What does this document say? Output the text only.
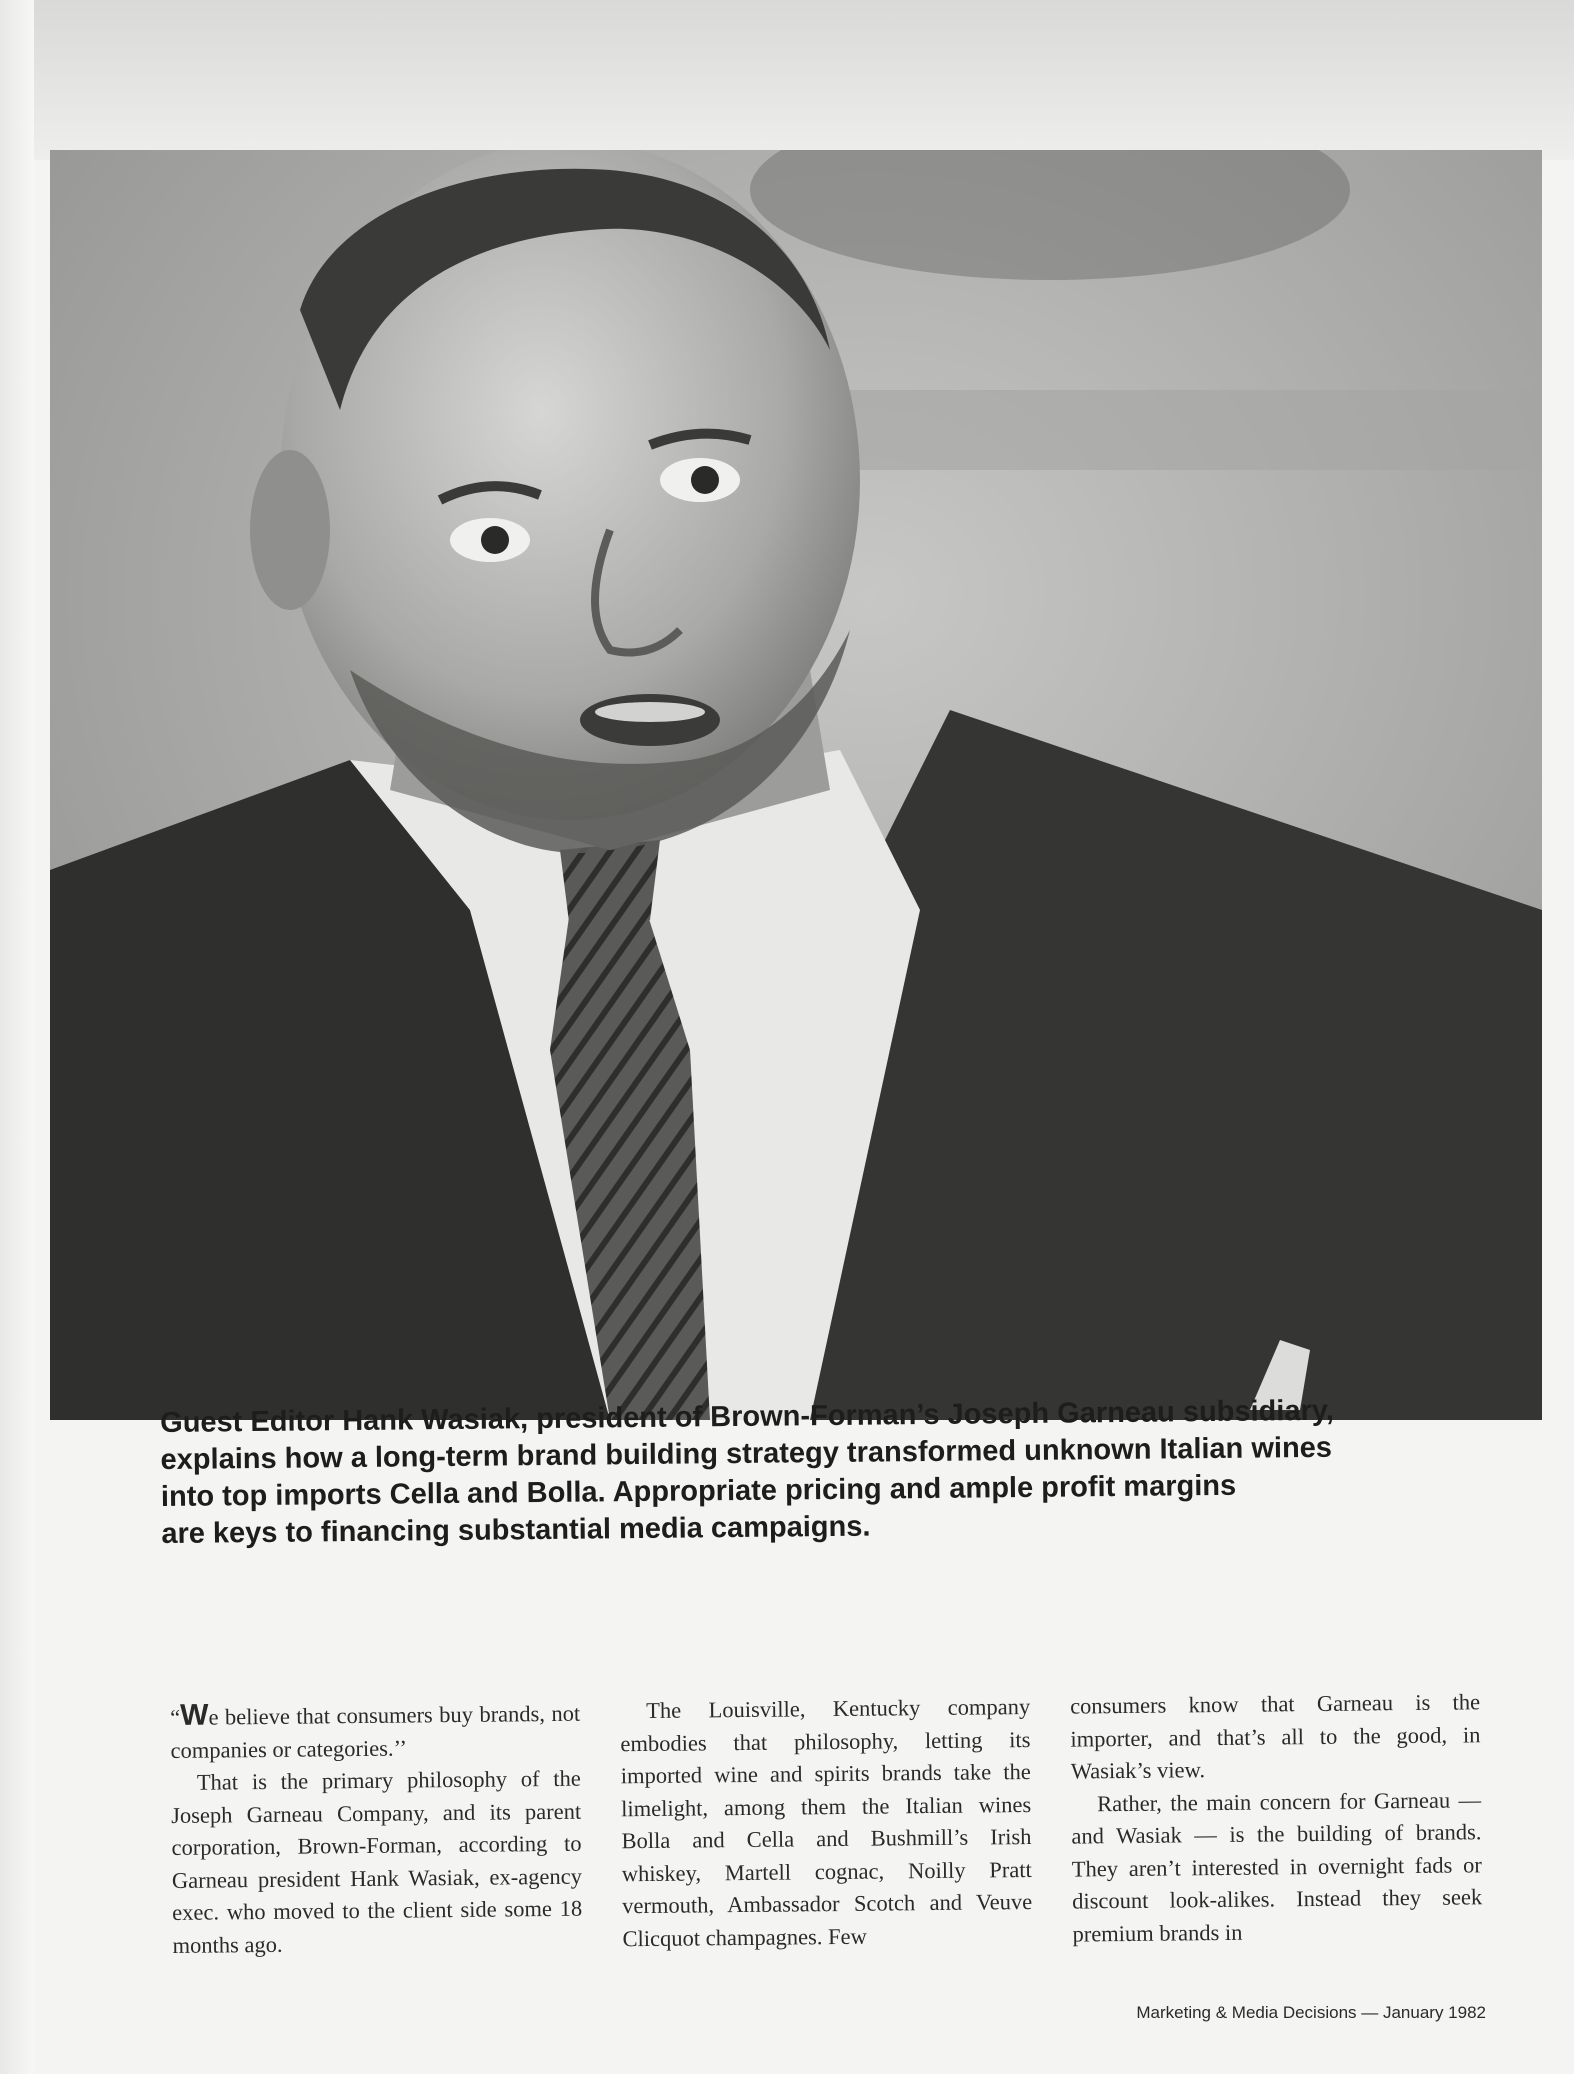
Guest Editor Hank Wasiak, president of Brown-Forman’s Joseph Garneau subsidiary,

explains how a long-term brand building strategy transformed unknown Italian wines

into top imports Cella and Bolla. Appropriate pricing and ample profit margins

are keys to financing substantial media campaigns.

“We believe that consumers buy brands, not companies or categories.’’

That is the primary philosophy of the Joseph Garneau Company, and its parent corporation, Brown-Forman, according to Garneau president Hank Wasiak, ex-agency exec. who moved to the client side some 18 months ago.

The Louisville, Kentucky company embodies that philosophy, letting its imported wine and spirits brands take the limelight, among them the Italian wines Bolla and Cella and Bushmill’s Irish whiskey, Martell cognac, Noilly Pratt vermouth, Ambassador Scotch and Veuve Clicquot champagnes. Few

consumers know that Garneau is the importer, and that’s all to the good, in Wasiak’s view.

Rather, the main concern for Garneau — and Wasiak — is the building of brands. They aren’t interested in overnight fads or discount look-alikes. Instead they seek premium brands in

Marketing & Media Decisions — January 1982
